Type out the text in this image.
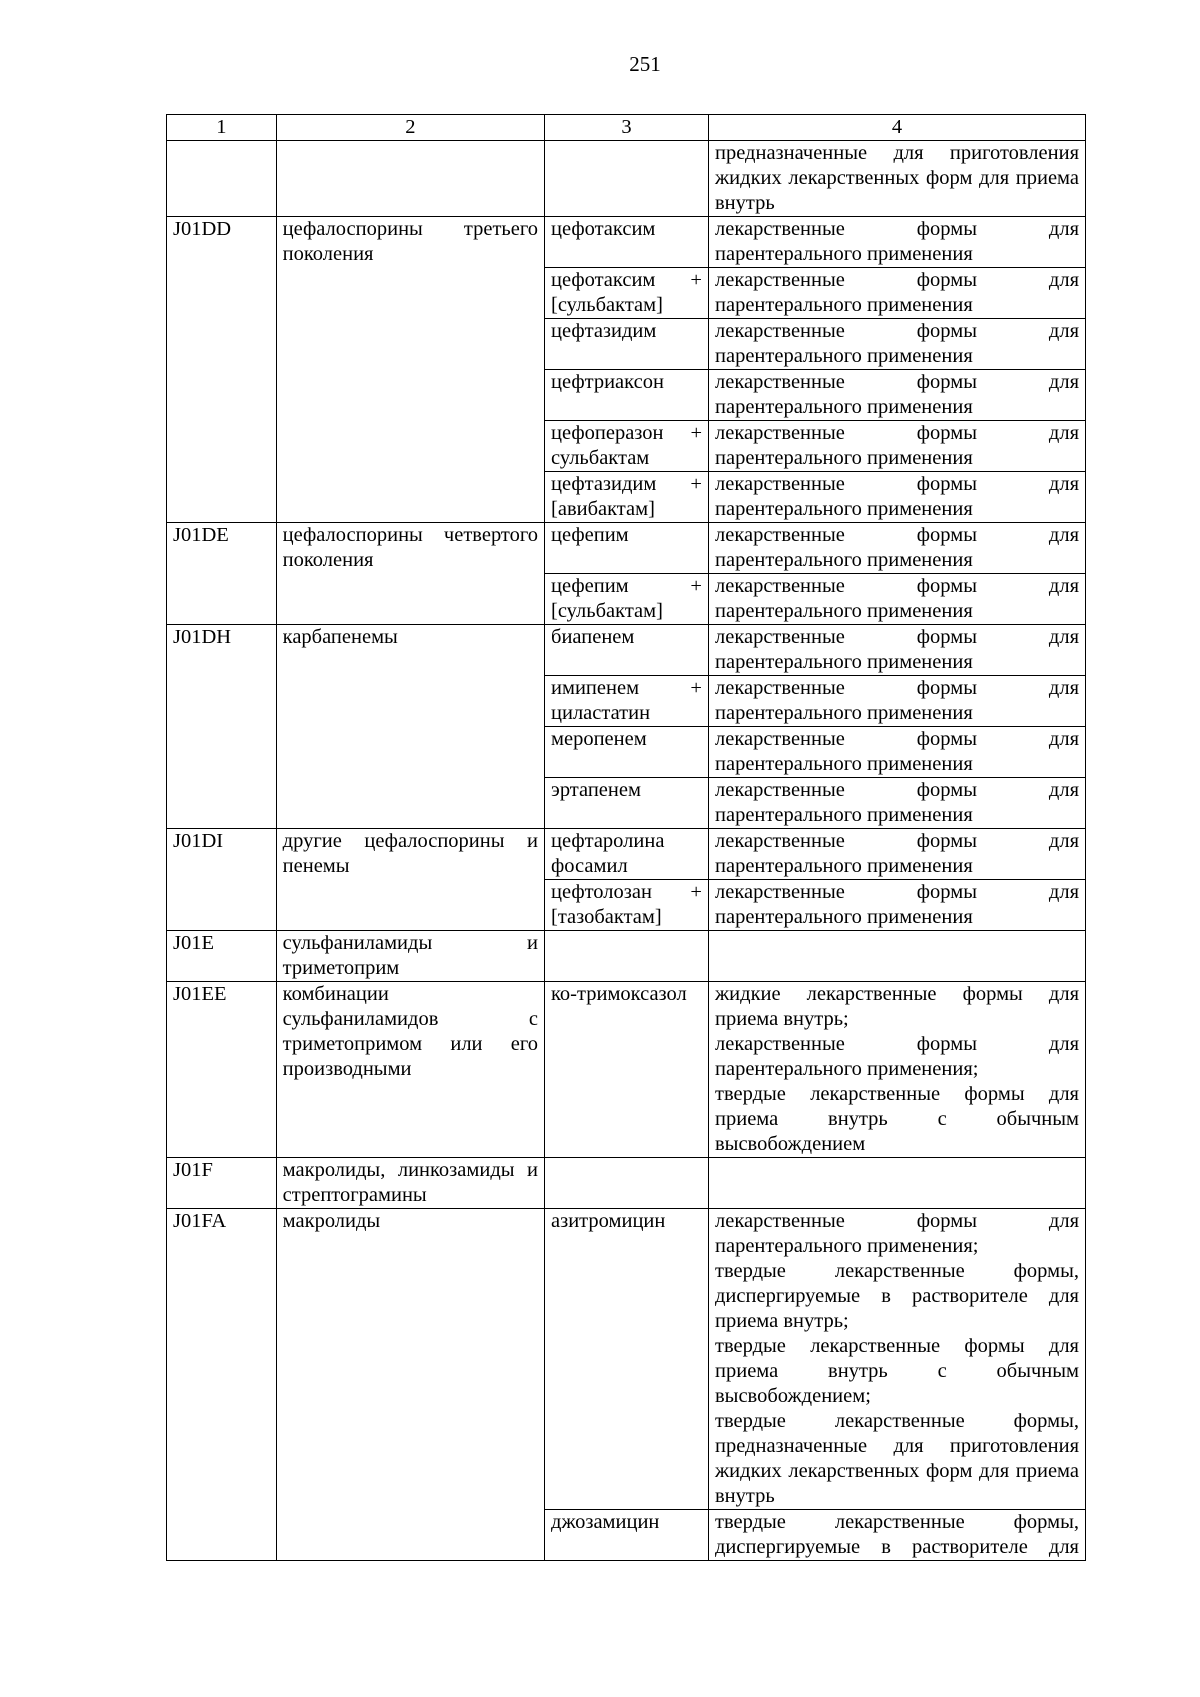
251
1	2	3	4

			предназначенные для приготовления жидких лекарственных форм для приема внутрь

J01DD	цефалоспорины третьего поколения	цефотаксим	лекарственные формы для парентерального применения

		цефотаксим + [сульбактам]	лекарственные формы для парентерального применения

		цефтазидим	лекарственные формы для парентерального применения

		цефтриаксон	лекарственные формы для парентерального применения

		цефоперазон + сульбактам	лекарственные формы для парентерального применения

		цефтазидим + [авибактам]	лекарственные формы для парентерального применения

J01DE	цефалоспорины четвертого поколения	цефепим	лекарственные формы для парентерального применения

		цефепим + [сульбактам]	лекарственные формы для парентерального применения

J01DH	карбапенемы	биапенем	лекарственные формы для парентерального применения

		имипенем + циластатин	лекарственные формы для парентерального применения

		меропенем	лекарственные формы для парентерального применения

		эртапенем	лекарственные формы для парентерального применения

J01DI	другие цефалоспорины и пенемы	цефтаролина фосамил	лекарственные формы для парентерального применения

		цефтолозан + [тазобактам]	лекарственные формы для парентерального применения

J01E	сульфаниламиды и триметоприм		

J01EE	комбинации сульфаниламидов с триметопримом или его производными	ко-тримоксазол	жидкие лекарственные формы для приема внутрь;
лекарственные формы для парентерального применения;
твердые лекарственные формы для приема внутрь с обычным высвобождением

J01F	макролиды, линкозамиды и стрептограмины		

J01FA	макролиды	азитромицин	лекарственные формы для парентерального применения;
твердые лекарственные формы, диспергируемые в растворителе для приема внутрь;
твердые лекарственные формы для приема внутрь с обычным высвобождением;
твердые лекарственные формы, предназначенные для приготовления жидких лекарственных форм для приема внутрь

		джозамицин	твердые лекарственные формы, диспергируемые в растворителе для
